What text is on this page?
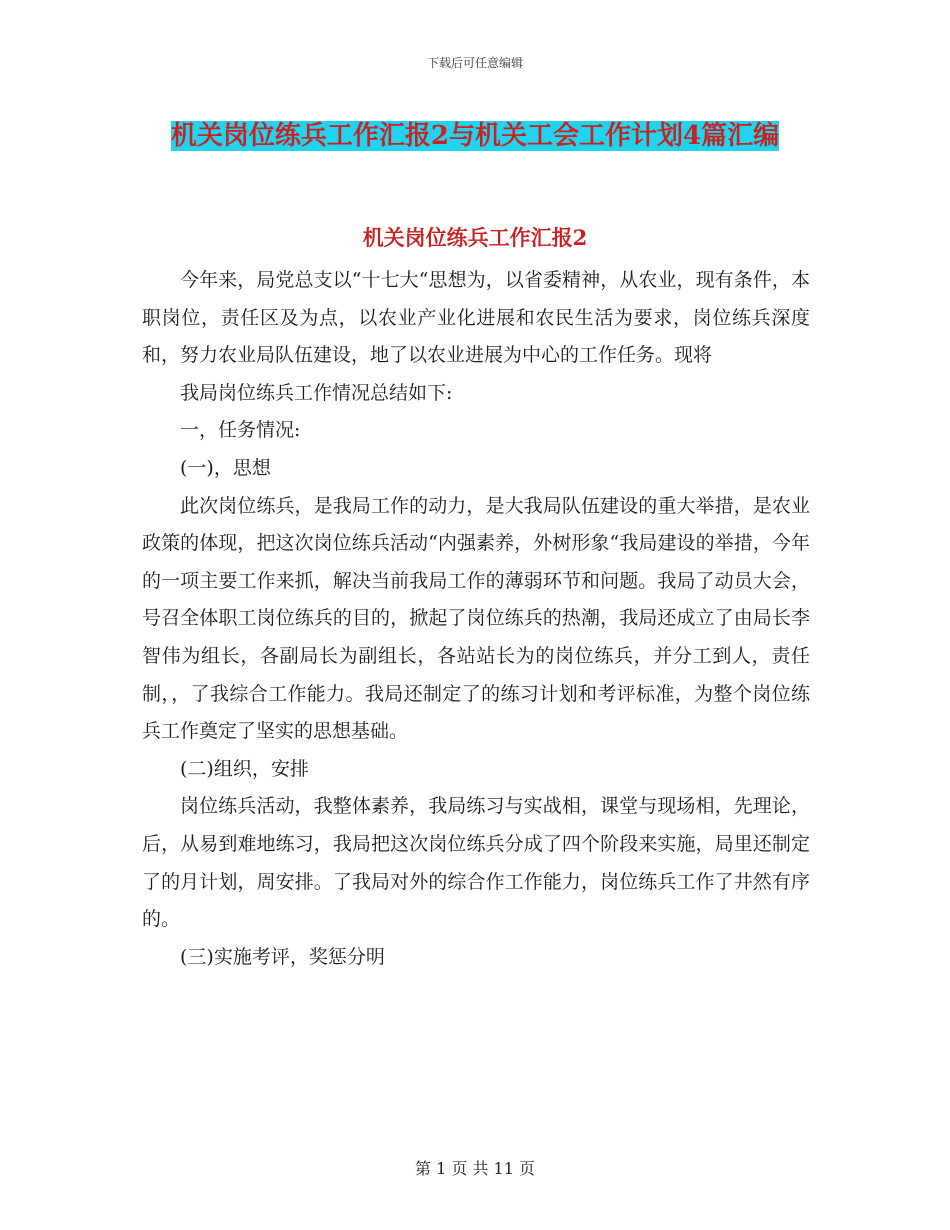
下载后可任意编辑
机关岗位练兵工作汇报2与机关工会工作计划4篇汇编
机关岗位练兵工作汇报2

今年来，局党总支以“十七大“思想为，以省委精神，从农业，现有条件，本职岗位，责任区及为点，以农业产业化进展和农民生活为要求，岗位练兵深度和，努力农业局队伍建设，地了以农业进展为中心的工作任务。现将

我局岗位练兵工作情况总结如下:

一，任务情况:

(一)，思想

此次岗位练兵，是我局工作的动力，是大我局队伍建设的重大举措，是农业政策的体现，把这次岗位练兵活动“内强素养，外树形象“我局建设的举措，今年的一项主要工作来抓，解决当前我局工作的薄弱环节和问题。我局了动员大会，号召全体职工岗位练兵的目的，掀起了岗位练兵的热潮，我局还成立了由局长李智伟为组长，各副局长为副组长，各站站长为的岗位练兵，并分工到人，责任制，，了我综合工作能力。我局还制定了的练习计划和考评标准，为整个岗位练兵工作奠定了坚实的思想基础。

(二)组织，安排

岗位练兵活动，我整体素养，我局练习与实战相，课堂与现场相，先理论，后，从易到难地练习，我局把这次岗位练兵分成了四个阶段来实施，局里还制定了的月计划，周安排。了我局对外的综合作工作能力，岗位练兵工作了井然有序的。

(三)实施考评，奖惩分明

第 1 页 共 11 页
